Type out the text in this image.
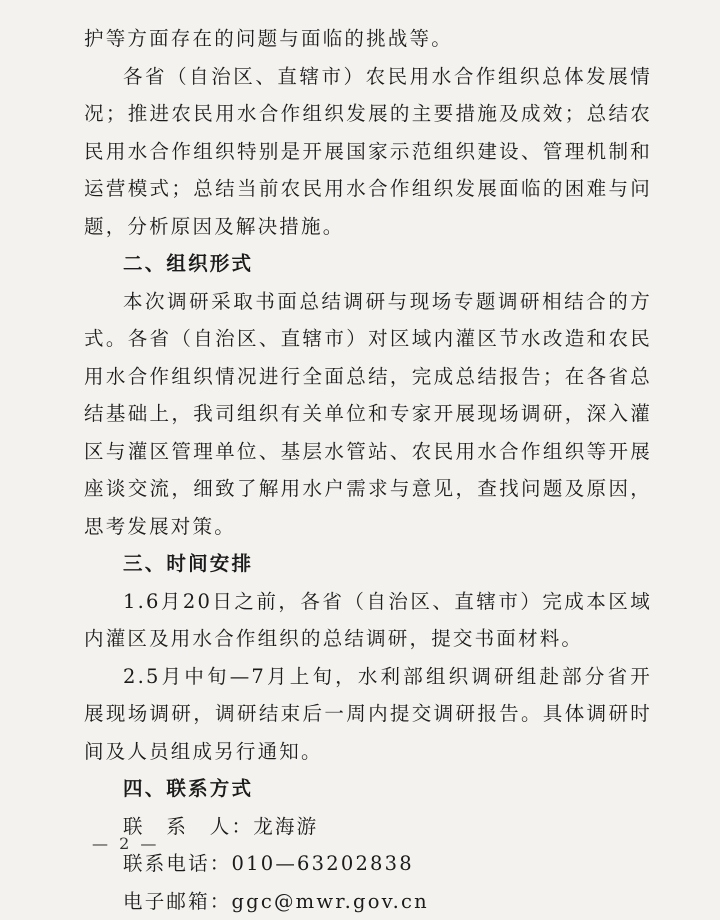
护等方面存在的问题与面临的挑战等。

各省（自治区、直辖市）农民用水合作组织总体发展情况；推进农民用水合作组织发展的主要措施及成效；总结农民用水合作组织特别是开展国家示范组织建设、管理机制和运营模式；总结当前农民用水合作组织发展面临的困难与问题，分析原因及解决措施。

二、组织形式

本次调研采取书面总结调研与现场专题调研相结合的方式。各省（自治区、直辖市）对区域内灌区节水改造和农民用水合作组织情况进行全面总结，完成总结报告；在各省总结基础上，我司组织有关单位和专家开展现场调研，深入灌区与灌区管理单位、基层水管站、农民用水合作组织等开展座谈交流，细致了解用水户需求与意见，查找问题及原因，思考发展对策。

三、时间安排

1.6月20日之前，各省（自治区、直辖市）完成本区域内灌区及用水合作组织的总结调研，提交书面材料。

2.5月中旬—7月上旬，水利部组织调研组赴部分省开展现场调研，调研结束后一周内提交调研报告。具体调研时间及人员组成另行通知。

四、联系方式

联　系　人：龙海游

联系电话：010—63202838

电子邮箱：ggc@mwr.gov.cn

— 2 —
